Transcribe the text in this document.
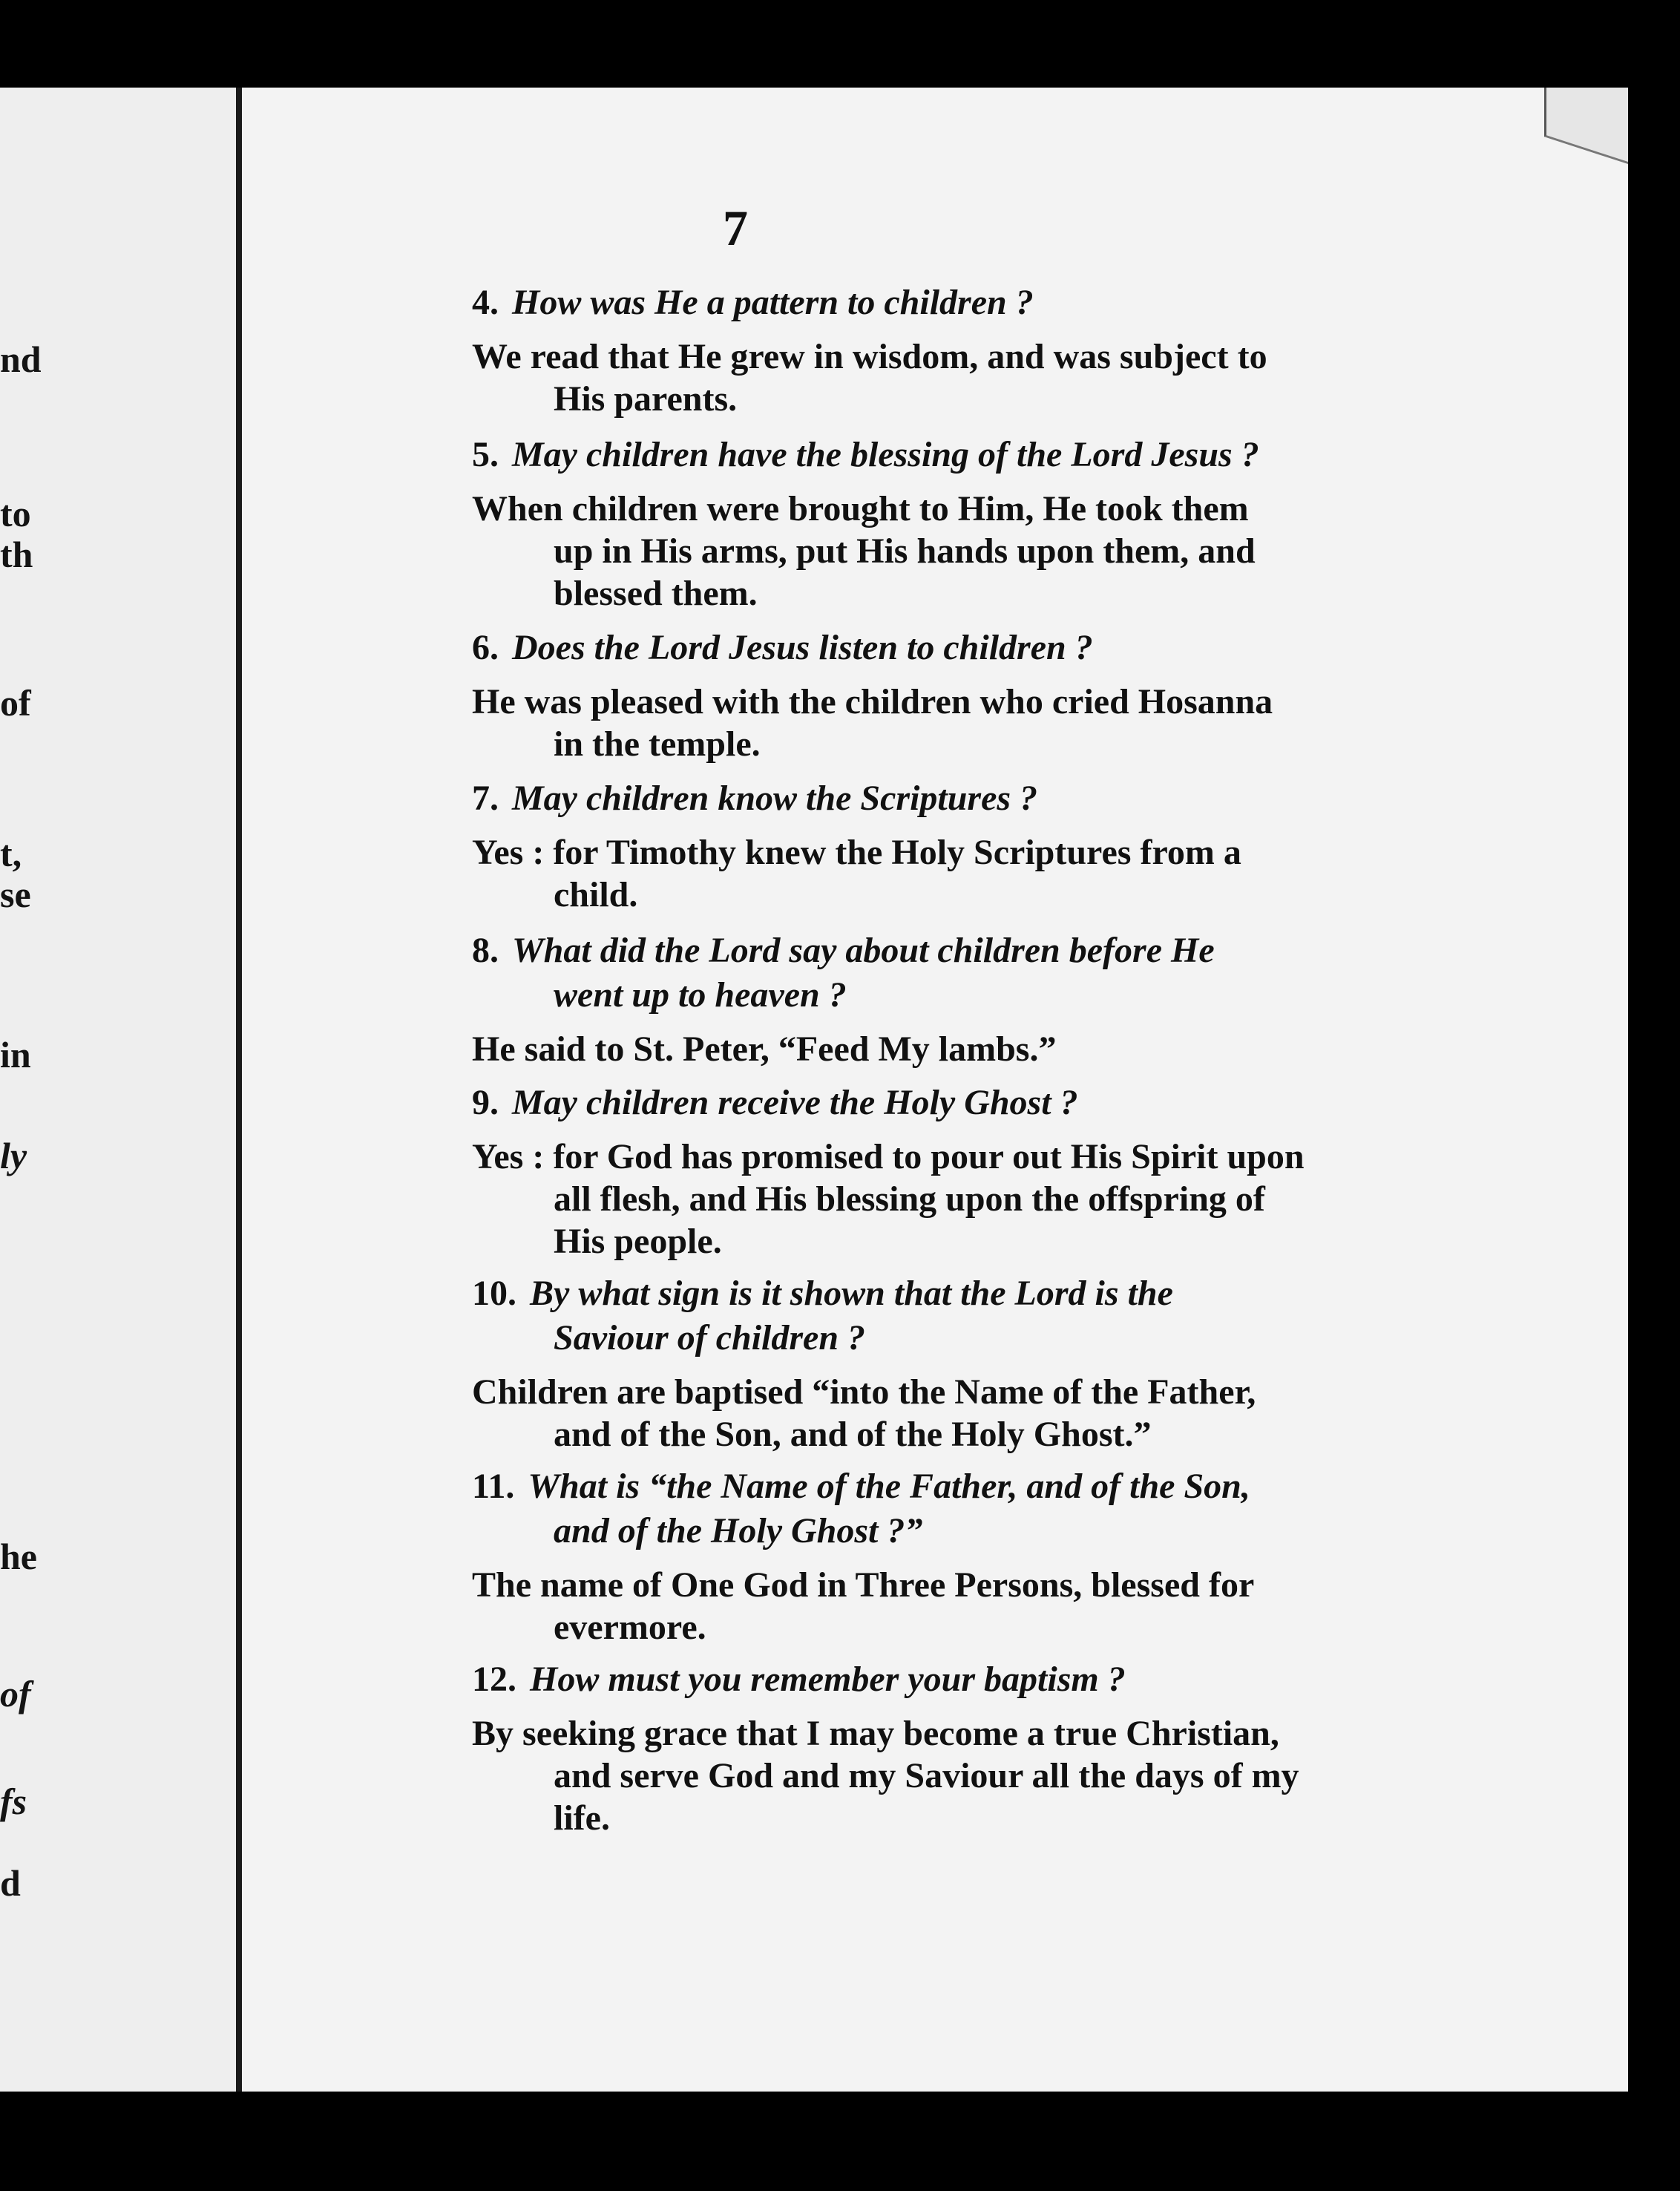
nd
to
th
of
t,
se
in
ly
he
of
fs
d
7
4. How was He a pattern to children ?
We read that He grew in wisdom, and was subject to
His parents.
5. May children have the blessing of the Lord Jesus ?
When children were brought to Him, He took them
up in His arms, put His hands upon them, and
blessed them.
6. Does the Lord Jesus listen to children ?
He was pleased with the children who cried Hosanna
in the temple.
7. May children know the Scriptures ?
Yes : for Timothy knew the Holy Scriptures from a
child.
8. What did the Lord say about children before He
went up to heaven ?
He said to St. Peter, “Feed My lambs.”
9. May children receive the Holy Ghost ?
Yes : for God has promised to pour out His Spirit upon
all flesh, and His blessing upon the offspring of
His people.
10. By what sign is it shown that the Lord is the
Saviour of children ?
Children are baptised “into the Name of the Father,
and of the Son, and of the Holy Ghost.”
11. What is “the Name of the Father, and of the Son,
and of the Holy Ghost ?”
The name of One God in Three Persons, blessed for
evermore.
12. How must you remember your baptism ?
By seeking grace that I may become a true Christian,
and serve God and my Saviour all the days of my
life.
